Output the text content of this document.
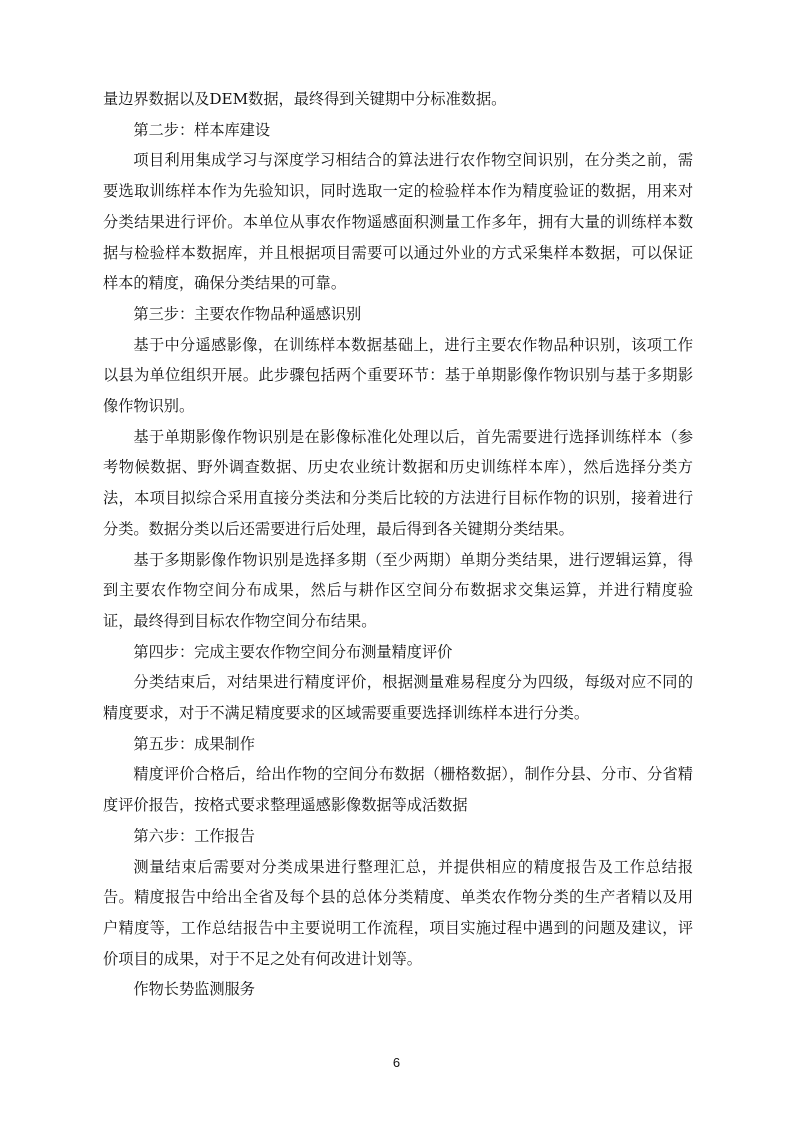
量边界数据以及DEM数据，最终得到关键期中分标准数据。

第二步：样本库建设

项目利用集成学习与深度学习相结合的算法进行农作物空间识别，在分类之前，需要选取训练样本作为先验知识，同时选取一定的检验样本作为精度验证的数据，用来对分类结果进行评价。本单位从事农作物遥感面积测量工作多年，拥有大量的训练样本数据与检验样本数据库，并且根据项目需要可以通过外业的方式采集样本数据，可以保证样本的精度，确保分类结果的可靠。

第三步：主要农作物品种遥感识别

基于中分遥感影像，在训练样本数据基础上，进行主要农作物品种识别，该项工作以县为单位组织开展。此步骤包括两个重要环节：基于单期影像作物识别与基于多期影像作物识别。

基于单期影像作物识别是在影像标准化处理以后，首先需要进行选择训练样本（参考物候数据、野外调查数据、历史农业统计数据和历史训练样本库），然后选择分类方法，本项目拟综合采用直接分类法和分类后比较的方法进行目标作物的识别，接着进行分类。数据分类以后还需要进行后处理，最后得到各关键期分类结果。

基于多期影像作物识别是选择多期（至少两期）单期分类结果，进行逻辑运算，得到主要农作物空间分布成果，然后与耕作区空间分布数据求交集运算，并进行精度验证，最终得到目标农作物空间分布结果。

第四步：完成主要农作物空间分布测量精度评价

分类结束后，对结果进行精度评价，根据测量难易程度分为四级，每级对应不同的精度要求，对于不满足精度要求的区域需要重要选择训练样本进行分类。

第五步：成果制作

精度评价合格后，给出作物的空间分布数据（栅格数据），制作分县、分市、分省精度评价报告，按格式要求整理遥感影像数据等成活数据

第六步：工作报告

测量结束后需要对分类成果进行整理汇总，并提供相应的精度报告及工作总结报告。精度报告中给出全省及每个县的总体分类精度、单类农作物分类的生产者精以及用户精度等，工作总结报告中主要说明工作流程，项目实施过程中遇到的问题及建议，评价项目的成果，对于不足之处有何改进计划等。

作物长势监测服务

6
